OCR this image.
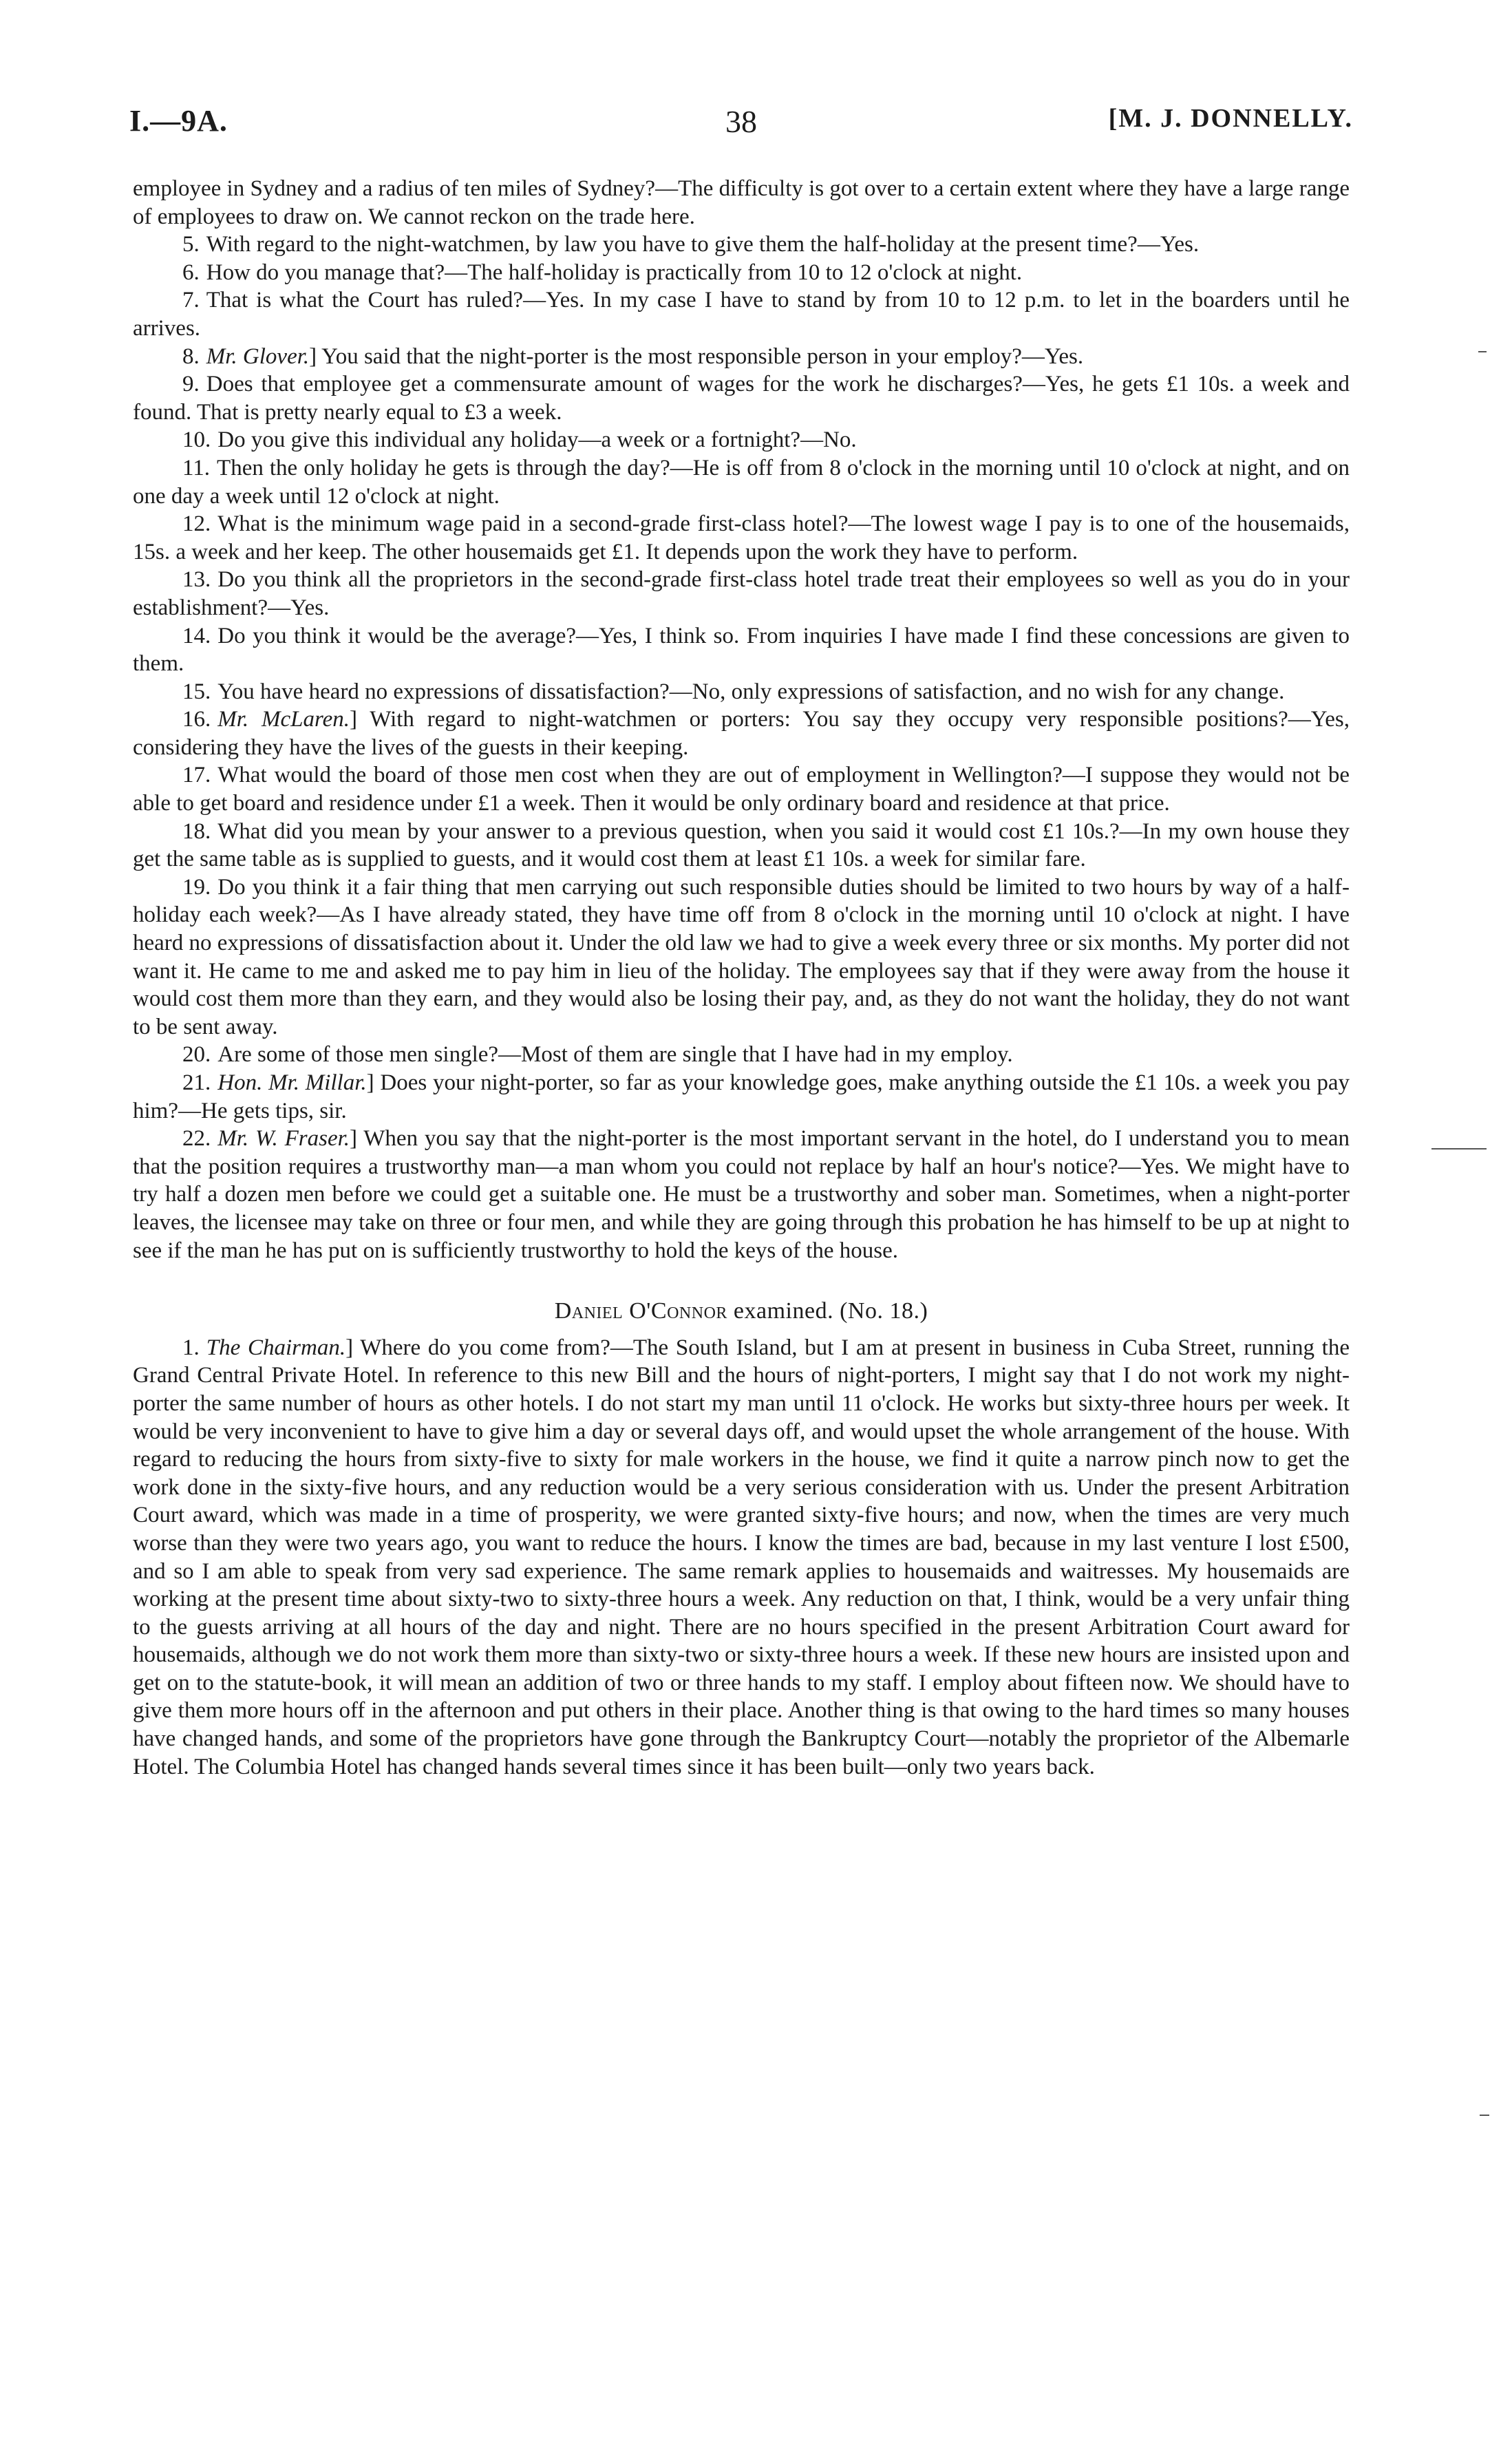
I.—9A.	38	[M. J. DONNELLY.

employee in Sydney and a radius of ten miles of Sydney?—The difficulty is got over to a certain extent where they have a large range of employees to draw on. We cannot reckon on the trade here.

5. With regard to the night-watchmen, by law you have to give them the half-holiday at the present time?—Yes.

6. How do you manage that?—The half-holiday is practically from 10 to 12 o'clock at night.

7. That is what the Court has ruled?—Yes. In my case I have to stand by from 10 to 12 p.m. to let in the boarders until he arrives.

8. Mr. Glover.] You said that the night-porter is the most responsible person in your employ?—Yes.

9. Does that employee get a commensurate amount of wages for the work he discharges?—Yes, he gets £1 10s. a week and found. That is pretty nearly equal to £3 a week.

10. Do you give this individual any holiday—a week or a fortnight?—No.

11. Then the only holiday he gets is through the day?—He is off from 8 o'clock in the morning until 10 o'clock at night, and on one day a week until 12 o'clock at night.

12. What is the minimum wage paid in a second-grade first-class hotel?—The lowest wage I pay is to one of the housemaids, 15s. a week and her keep. The other housemaids get £1. It depends upon the work they have to perform.

13. Do you think all the proprietors in the second-grade first-class hotel trade treat their employees so well as you do in your establishment?—Yes.

14. Do you think it would be the average?—Yes, I think so. From inquiries I have made I find these concessions are given to them.

15. You have heard no expressions of dissatisfaction?—No, only expressions of satisfaction, and no wish for any change.

16. Mr. McLaren.] With regard to night-watchmen or porters: You say they occupy very responsible positions?—Yes, considering they have the lives of the guests in their keeping.

17. What would the board of those men cost when they are out of employment in Wellington?—I suppose they would not be able to get board and residence under £1 a week. Then it would be only ordinary board and residence at that price.

18. What did you mean by your answer to a previous question, when you said it would cost £1 10s.?—In my own house they get the same table as is supplied to guests, and it would cost them at least £1 10s. a week for similar fare.

19. Do you think it a fair thing that men carrying out such responsible duties should be limited to two hours by way of a half-holiday each week?—As I have already stated, they have time off from 8 o'clock in the morning until 10 o'clock at night. I have heard no expressions of dissatisfaction about it. Under the old law we had to give a week every three or six months. My porter did not want it. He came to me and asked me to pay him in lieu of the holiday. The employees say that if they were away from the house it would cost them more than they earn, and they would also be losing their pay, and, as they do not want the holiday, they do not want to be sent away.

20. Are some of those men single?—Most of them are single that I have had in my employ.

21. Hon. Mr. Millar.] Does your night-porter, so far as your knowledge goes, make anything outside the £1 10s. a week you pay him?—He gets tips, sir.

22. Mr. W. Fraser.] When you say that the night-porter is the most important servant in the hotel, do I understand you to mean that the position requires a trustworthy man—a man whom you could not replace by half an hour's notice?—Yes. We might have to try half a dozen men before we could get a suitable one. He must be a trustworthy and sober man. Sometimes, when a night-porter leaves, the licensee may take on three or four men, and while they are going through this probation he has himself to be up at night to see if the man he has put on is sufficiently trustworthy to hold the keys of the house.

Daniel O'Connor examined. (No. 18.)

1. The Chairman.] Where do you come from?—The South Island, but I am at present in business in Cuba Street, running the Grand Central Private Hotel. In reference to this new Bill and the hours of night-porters, I might say that I do not work my night-porter the same number of hours as other hotels. I do not start my man until 11 o'clock. He works but sixty-three hours per week. It would be very inconvenient to have to give him a day or several days off, and would upset the whole arrangement of the house. With regard to reducing the hours from sixty-five to sixty for male workers in the house, we find it quite a narrow pinch now to get the work done in the sixty-five hours, and any reduction would be a very serious consideration with us. Under the present Arbitration Court award, which was made in a time of prosperity, we were granted sixty-five hours; and now, when the times are very much worse than they were two years ago, you want to reduce the hours. I know the times are bad, because in my last venture I lost £500, and so I am able to speak from very sad experience. The same remark applies to housemaids and waitresses. My housemaids are working at the present time about sixty-two to sixty-three hours a week. Any reduction on that, I think, would be a very unfair thing to the guests arriving at all hours of the day and night. There are no hours specified in the present Arbitration Court award for housemaids, although we do not work them more than sixty-two or sixty-three hours a week. If these new hours are insisted upon and get on to the statute-book, it will mean an addition of two or three hands to my staff. I employ about fifteen now. We should have to give them more hours off in the afternoon and put others in their place. Another thing is that owing to the hard times so many houses have changed hands, and some of the proprietors have gone through the Bankruptcy Court—notably the proprietor of the Albemarle Hotel. The Columbia Hotel has changed hands several times since it has been built—only two years back.
